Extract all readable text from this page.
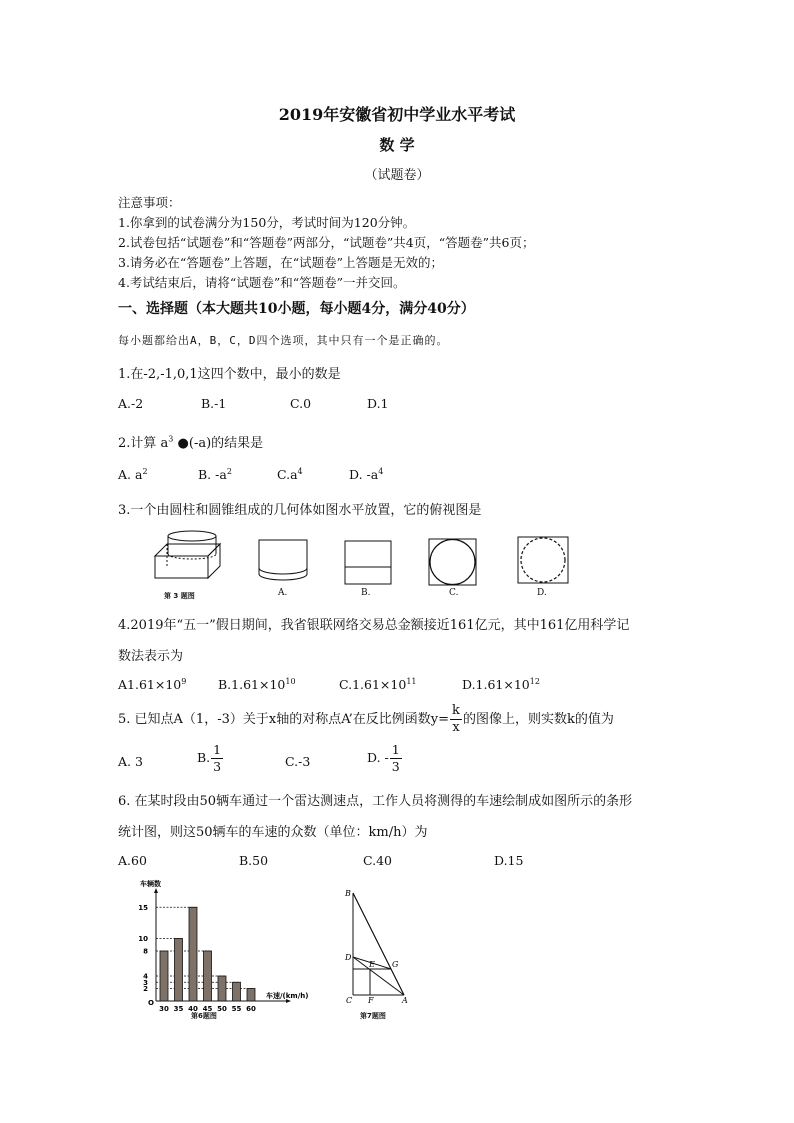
2019年安徽省初中学业水平考试
数 学
（试题卷）
注意事项：
1.你拿到的试卷满分为150分，考试时间为120分钟。
2.试卷包括“试题卷”和“答题卷”两部分，“试题卷”共4页，“答题卷”共6页；
3.请务必在“答题卷”上答题，在“试题卷”上答题是无效的；
4.考试结束后，请将“试题卷”和“答题卷”一并交回。
一、选择题（本大题共10小题，每小题4分，满分40分）
每小题都给出A，B，C，D四个选项，其中只有一个是正确的。
1.在-2,-1,0,1这四个数中，最小的数是
A.-2	B.-1	C.0	D.1
2.计算 $a^3$ ●(-a)的结果是
A. $a^2$	B. $-a^2$	$C.a^4$	D. $-a^4$
3.一个由圆柱和圆锥组成的几何体如图水平放置，它的俯视图是
第 3 题图	A.	B.	C.	D.
4.2019年“五一”假日期间，我省银联网络交易总金额接近161亿元，其中161亿用科学记
数法表示为
$A1.61\times 10^9$	$B.1.61\times 10^{10}$	$C.1.61\times 10^{11}$	$D.1.61\times 10^{12}$
5. 已知点A（1，-3）关于x轴的对称点A’在反比例函数$y= \frac{k}{x}$ 的图像上，则实数k的值为
A. 3	B. $\frac{1}{3}$	C.-3	D. - $\frac{1}{3}$
6. 在某时段由50辆车通过一个雷达测速点，工作人员将测得的车速绘制成如图所示的条形
统计图，则这50辆车的车速的众数（单位：km/h）为
A.60	B.50	C.40	D.15
车辆数
车速/(km/h)
O
2
3
4
8
10
15
30 35 40 45 50 55 60
第6题图
B
D
E G
C F	A
第7题图
